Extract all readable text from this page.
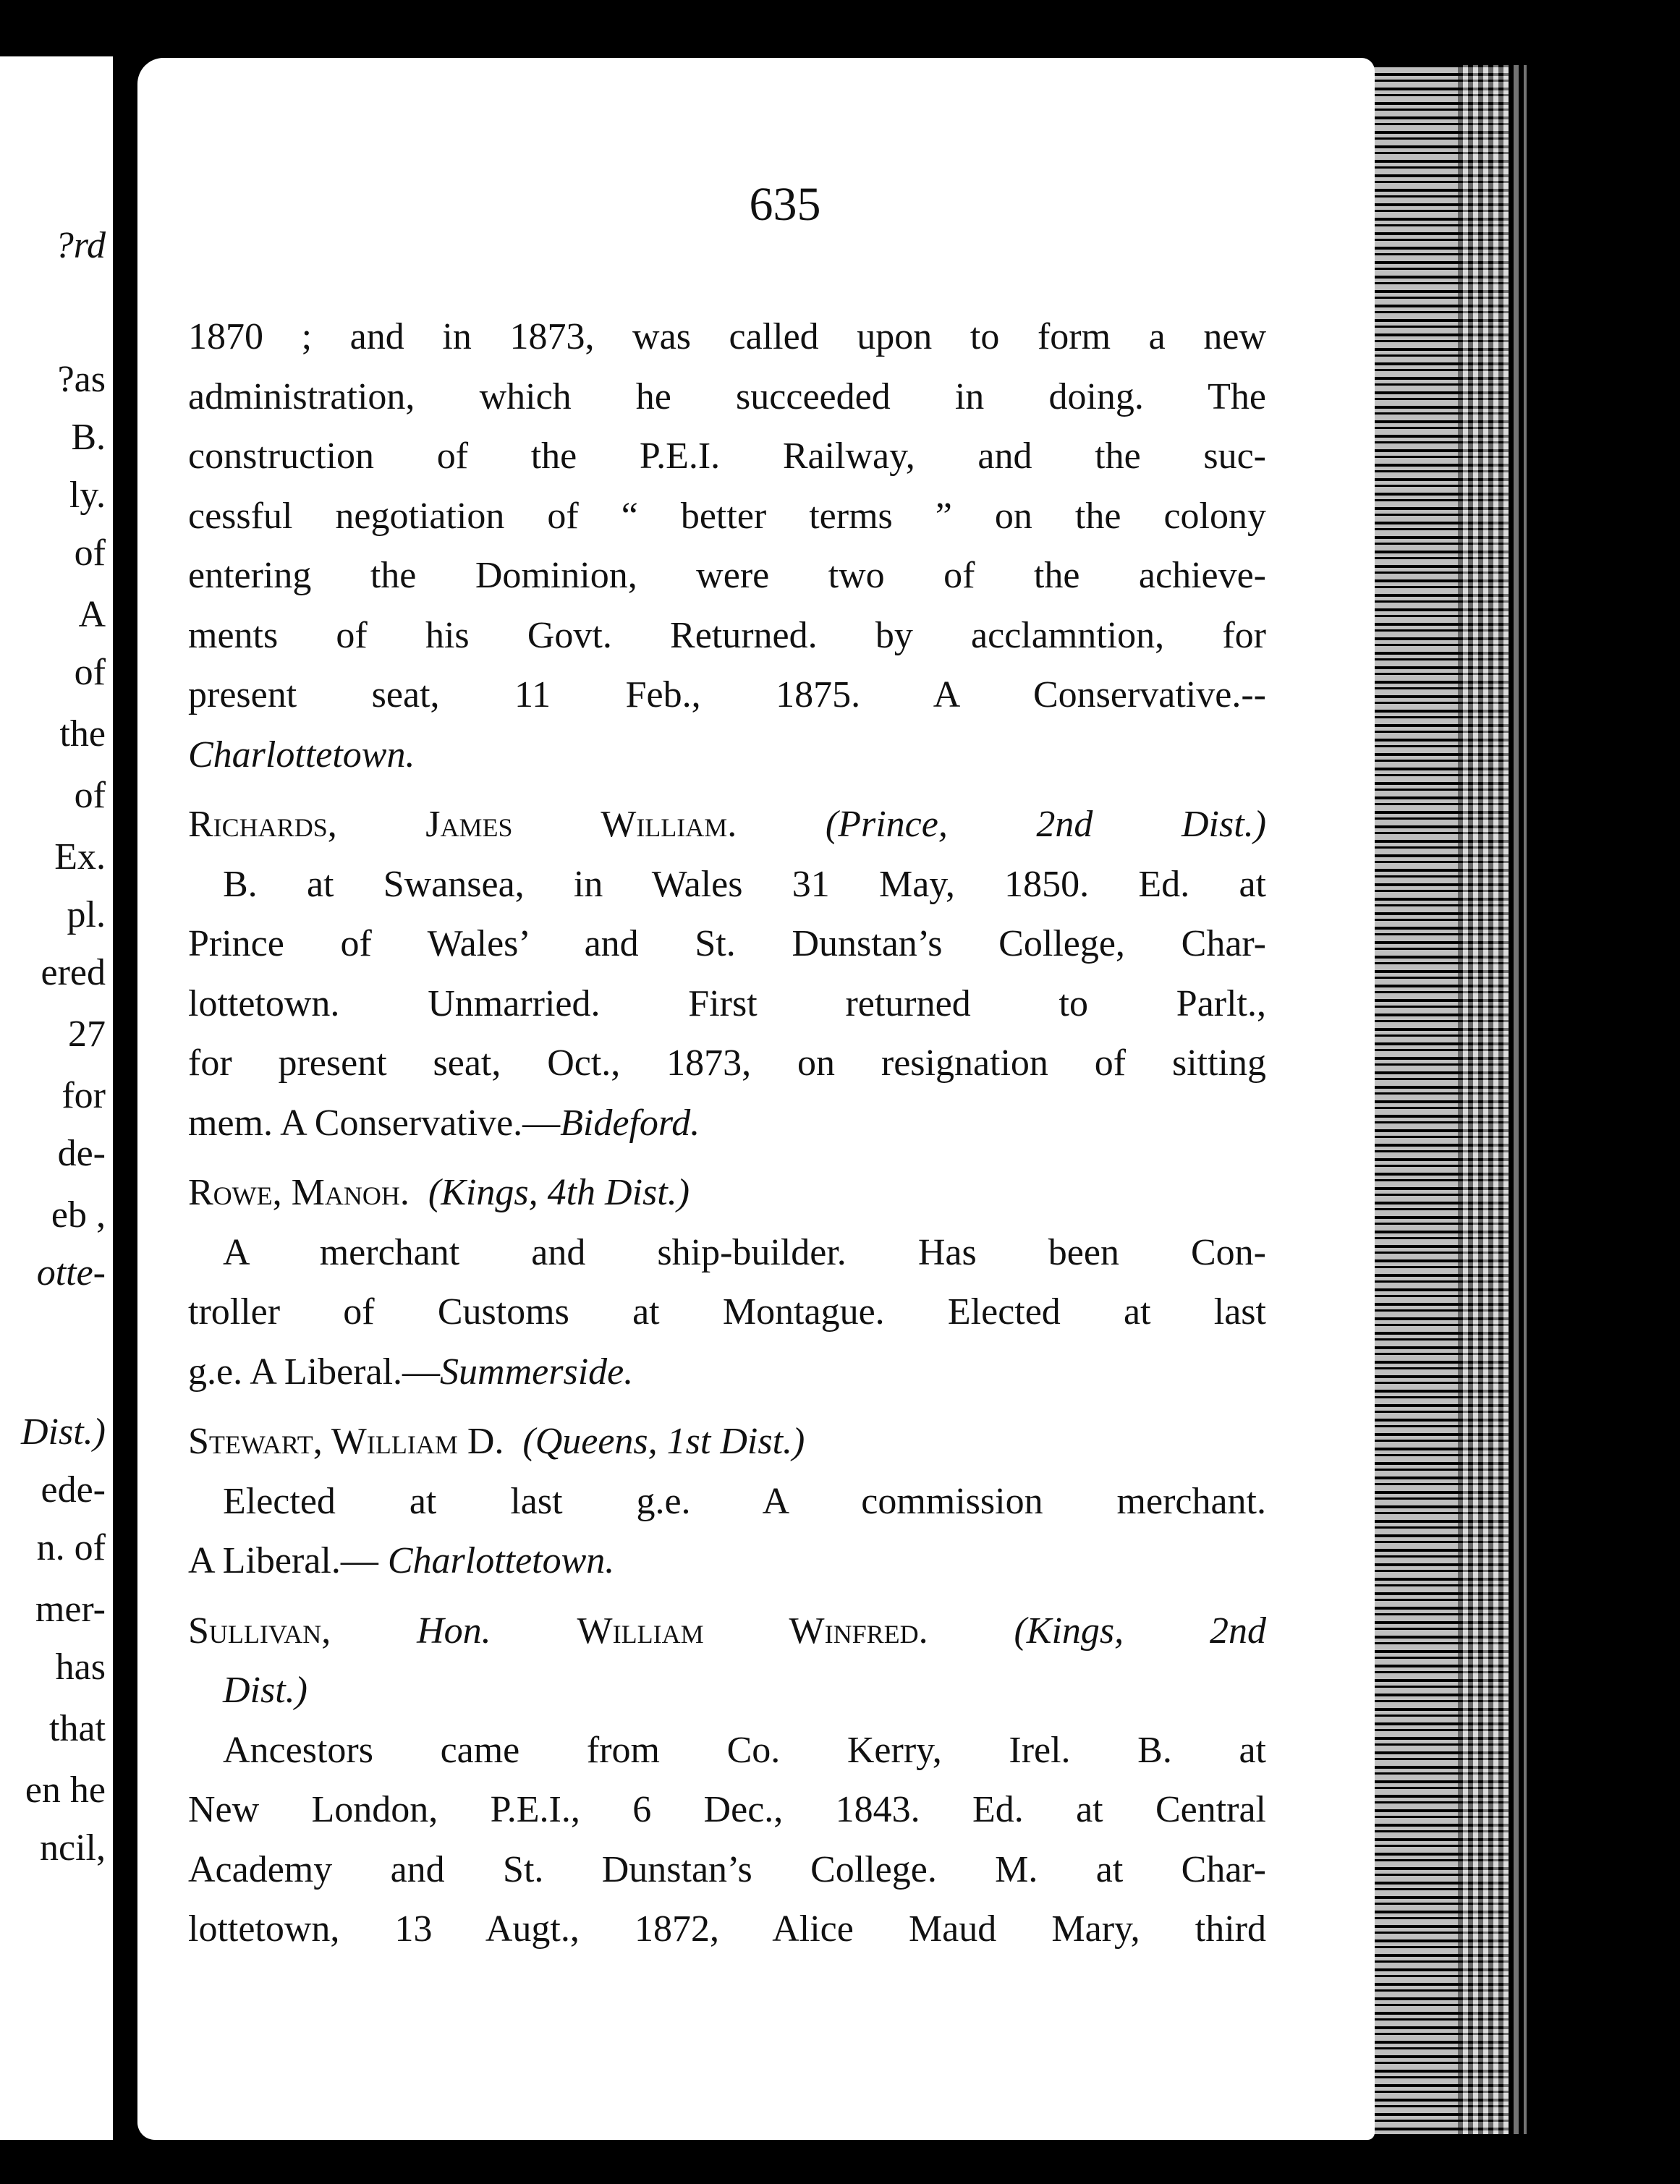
?rd
?as
B.
ly.
of
A
of
the
of
Ex.
pl.
ered
27
for
de-
eb ,
otte-
Dist.)
ede-
n. of
mer-
has
that
en he
ncil,
635
1870 ; and in 1873, was called upon to form a new
administration, which he succeeded in doing. The
construction of the P.E.I. Railway, and the suc-
cessful negotiation of “ better terms ” on the colony
entering the Dominion, were two of the achieve-
ments of his Govt. Returned. by acclamntion, for
present seat, 11 Feb., 1875. A Conservative.--
Charlottetown.
Richards, James William. (Prince, 2nd Dist.)
B. at Swansea, in Wales 31 May, 1850. Ed. at
Prince of Wales’ and St. Dunstan’s College, Char-
lottetown. Unmarried. First returned to Parlt.,
for present seat, Oct., 1873, on resignation of sitting
mem. A Conservative.—Bideford.
Rowe, Manoh. (Kings, 4th Dist.)
A merchant and ship-builder. Has been Con-
troller of Customs at Montague. Elected at last
g.e. A Liberal.—Summerside.
Stewart, William D. (Queens, 1st Dist.)
Elected at last g.e. A commission merchant.
A Liberal.— Charlottetown.
Sullivan, Hon. William Winfred. (Kings, 2nd
Dist.)
Ancestors came from Co. Kerry, Irel. B. at
New London, P.E.I., 6 Dec., 1843. Ed. at Central
Academy and St. Dunstan’s College. M. at Char-
lottetown, 13 Augt., 1872, Alice Maud Mary, third
